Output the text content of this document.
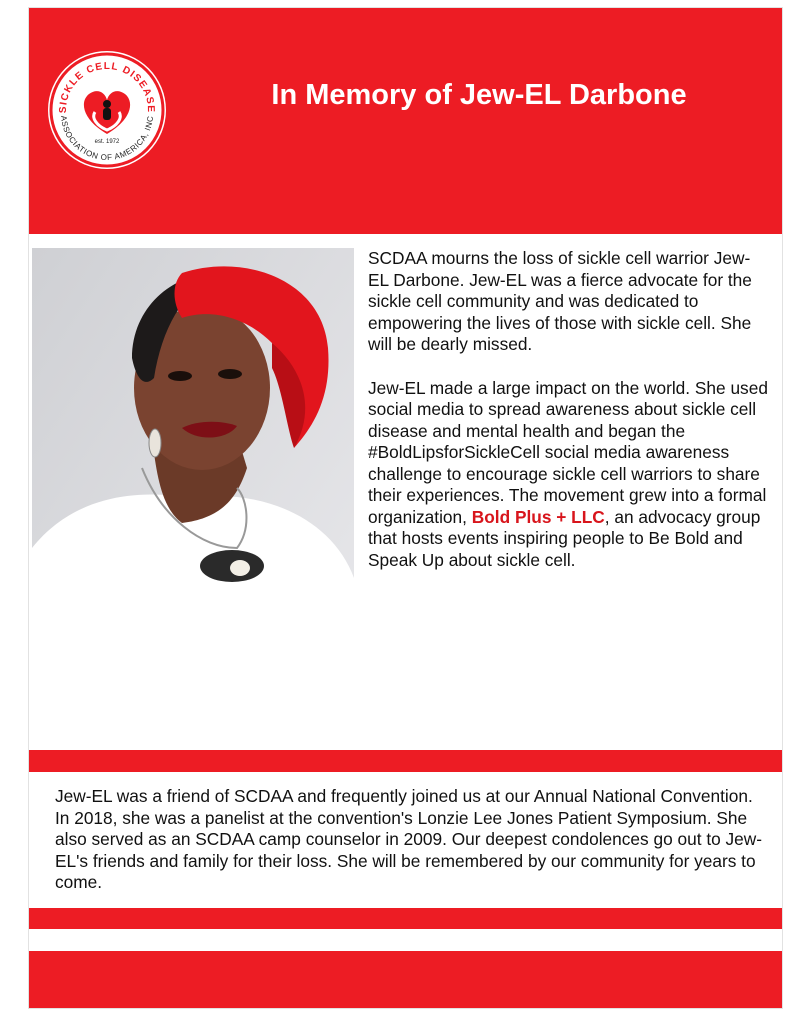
SICKLE CELL DISEASE
ASSOCIATION OF AMERICA, INC
est. 1972
In Memory of Jew-EL Darbone

SCDAA mourns the loss of sickle cell warrior Jew-EL Darbone. Jew-EL was a fierce advocate for the sickle cell community and was dedicated to empowering the lives of those with sickle cell. She will be dearly missed.

Jew-EL made a large impact on the world. She used social media to spread awareness about sickle cell disease and mental health and began the #BoldLipsforSickleCell social media awareness challenge to encourage sickle cell warriors to share their experiences. The movement grew into a formal organization, Bold Plus + LLC, an advocacy group that hosts events inspiring people to Be Bold and Speak Up about sickle cell.

Jew-EL was a friend of SCDAA and frequently joined us at our Annual National Convention. In 2018, she was a panelist at the convention's Lonzie Lee Jones Patient Symposium. She also served as an SCDAA camp counselor in 2009. Our deepest condolences go out to Jew-EL's friends and family for their loss. She will be remembered by our community for years to come.
